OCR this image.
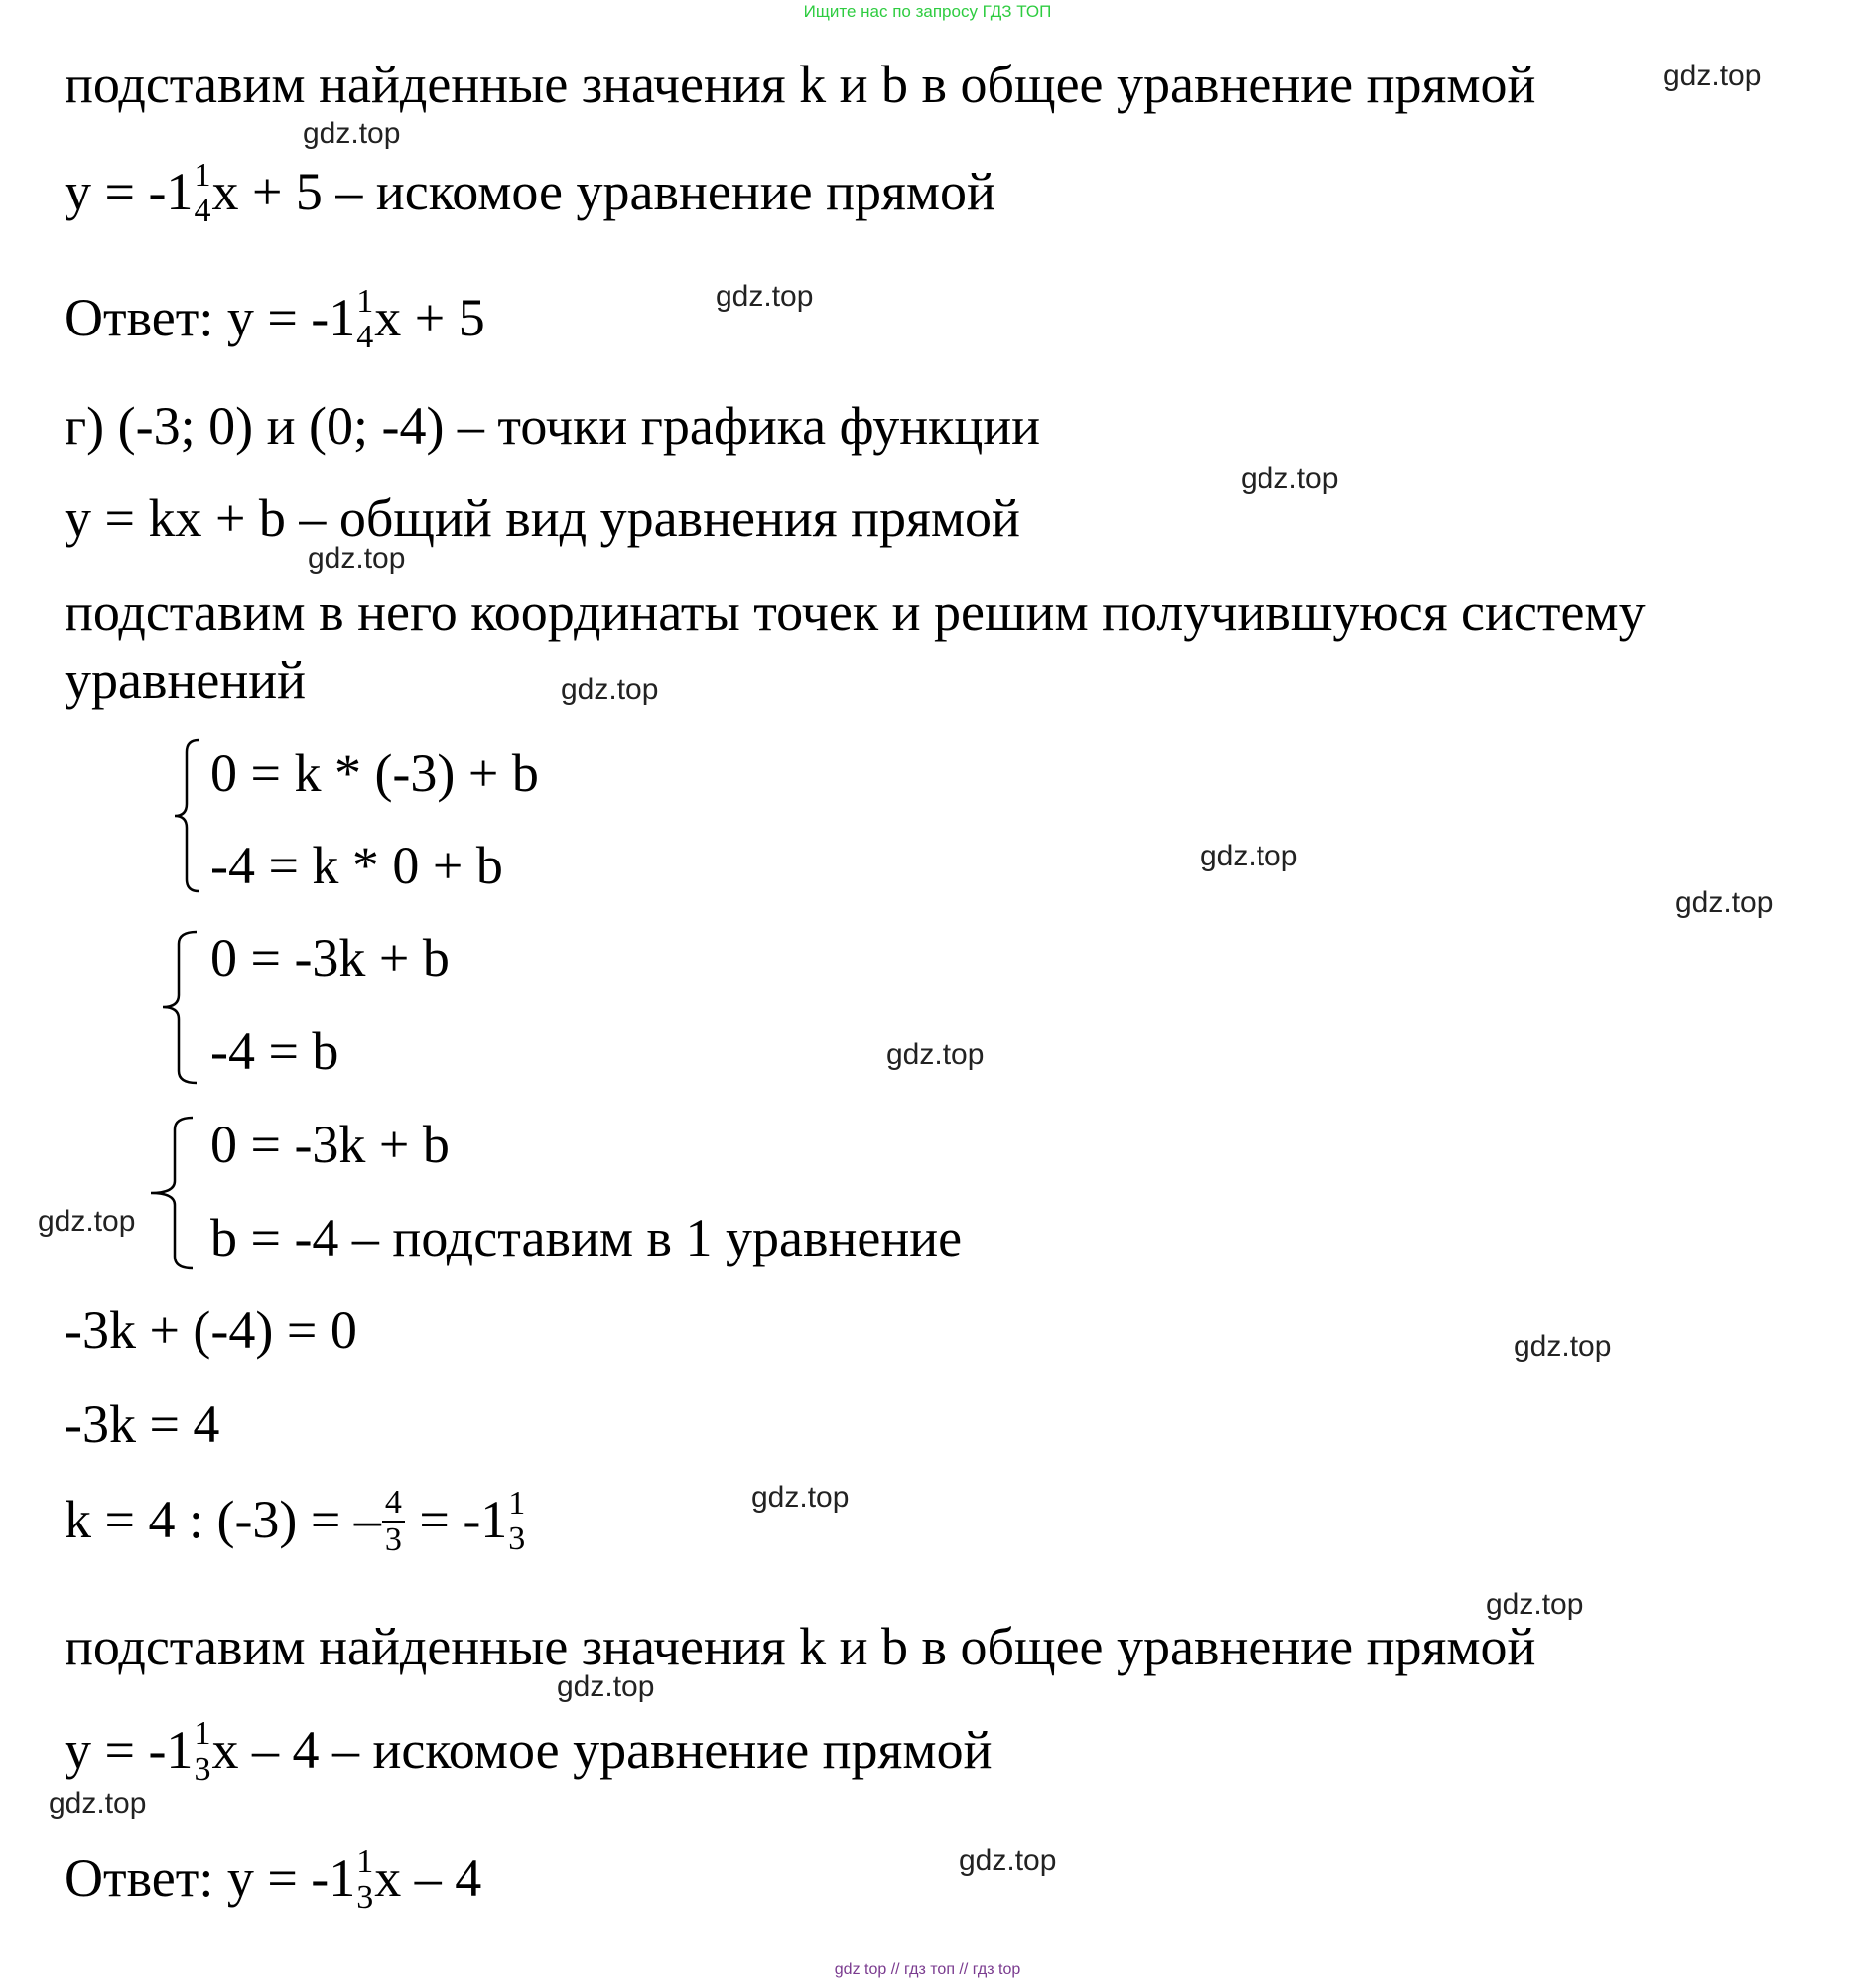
Ищите нас по запросу ГДЗ ТОП
подставим найденные значения k и b в общее уравнение прямой
y = -1 1
4 x + 5 – искомое уравнение прямой
Ответ: y = -1 1
4 x + 5
г) (-3; 0) и (0; -4) – точки графика функции
y = kx + b – общий вид уравнения прямой
подставим в него координаты точек и решим получившуюся систему
уравнений
0 = k * (-3) + b
-4 = k * 0 + b
0 = -3k + b
-4 = b
0 = -3k + b
b = -4 – подставим в 1 уравнение
-3k + (-4) = 0
-3k = 4
k = 4 : (-3) = – $\frac{4}{3} = -1$ 1
3
подставим найденные значения k и b в общее уравнение прямой
y = -1 1
3 x – 4 – искомое уравнение прямой
Ответ: y = -1 1
3 x – 4
gdz.top
gdz.top
gdz.top
gdz.top
gdz.top
gdz.top
gdz.top
gdz.top
gdz.top
gdz.top
gdz.top
gdz.top
gdz.top
gdz.top
gdz.top
gdz.top
gdz top // гдз топ // гдз top
